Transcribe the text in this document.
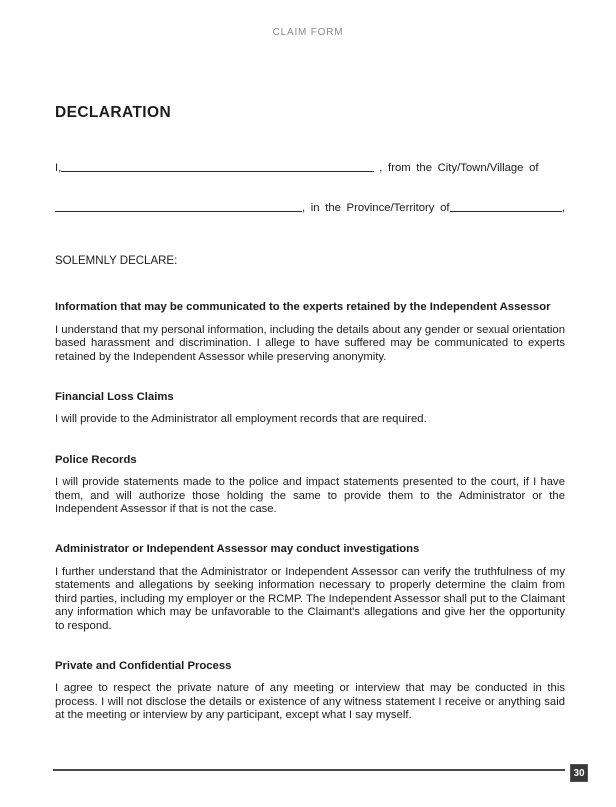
CLAIM FORM
DECLARATION
I,	, from the City/Town/Village of
, in the Province/Territory of	,
SOLEMNLY DECLARE:
Information that may be communicated to the experts retained by the Independent Assessor

I understand that my personal information, including the details about any gender or sexual orientation based harassment and discrimination. I allege to have suffered may be communicated to experts retained by the Independent Assessor while preserving anonymity.

Financial Loss Claims

I will provide to the Administrator all employment records that are required.

Police Records

I will provide statements made to the police and impact statements presented to the court, if I have them, and will authorize those holding the same to provide them to the Administrator or the Independent Assessor if that is not the case.

Administrator or Independent Assessor may conduct investigations

I further understand that the Administrator or Independent Assessor can verify the truthfulness of my statements and allegations by seeking information necessary to properly determine the claim from third parties, including my employer or the RCMP. The Independent Assessor shall put to the Claimant any information which may be unfavorable to the Claimant's allegations and give her the opportunity to respond.

Private and Confidential Process

I agree to respect the private nature of any meeting or interview that may be conducted in this process. I will not disclose the details or existence of any witness statement I receive or anything said at the meeting or interview by any participant, except what I say myself.

30
